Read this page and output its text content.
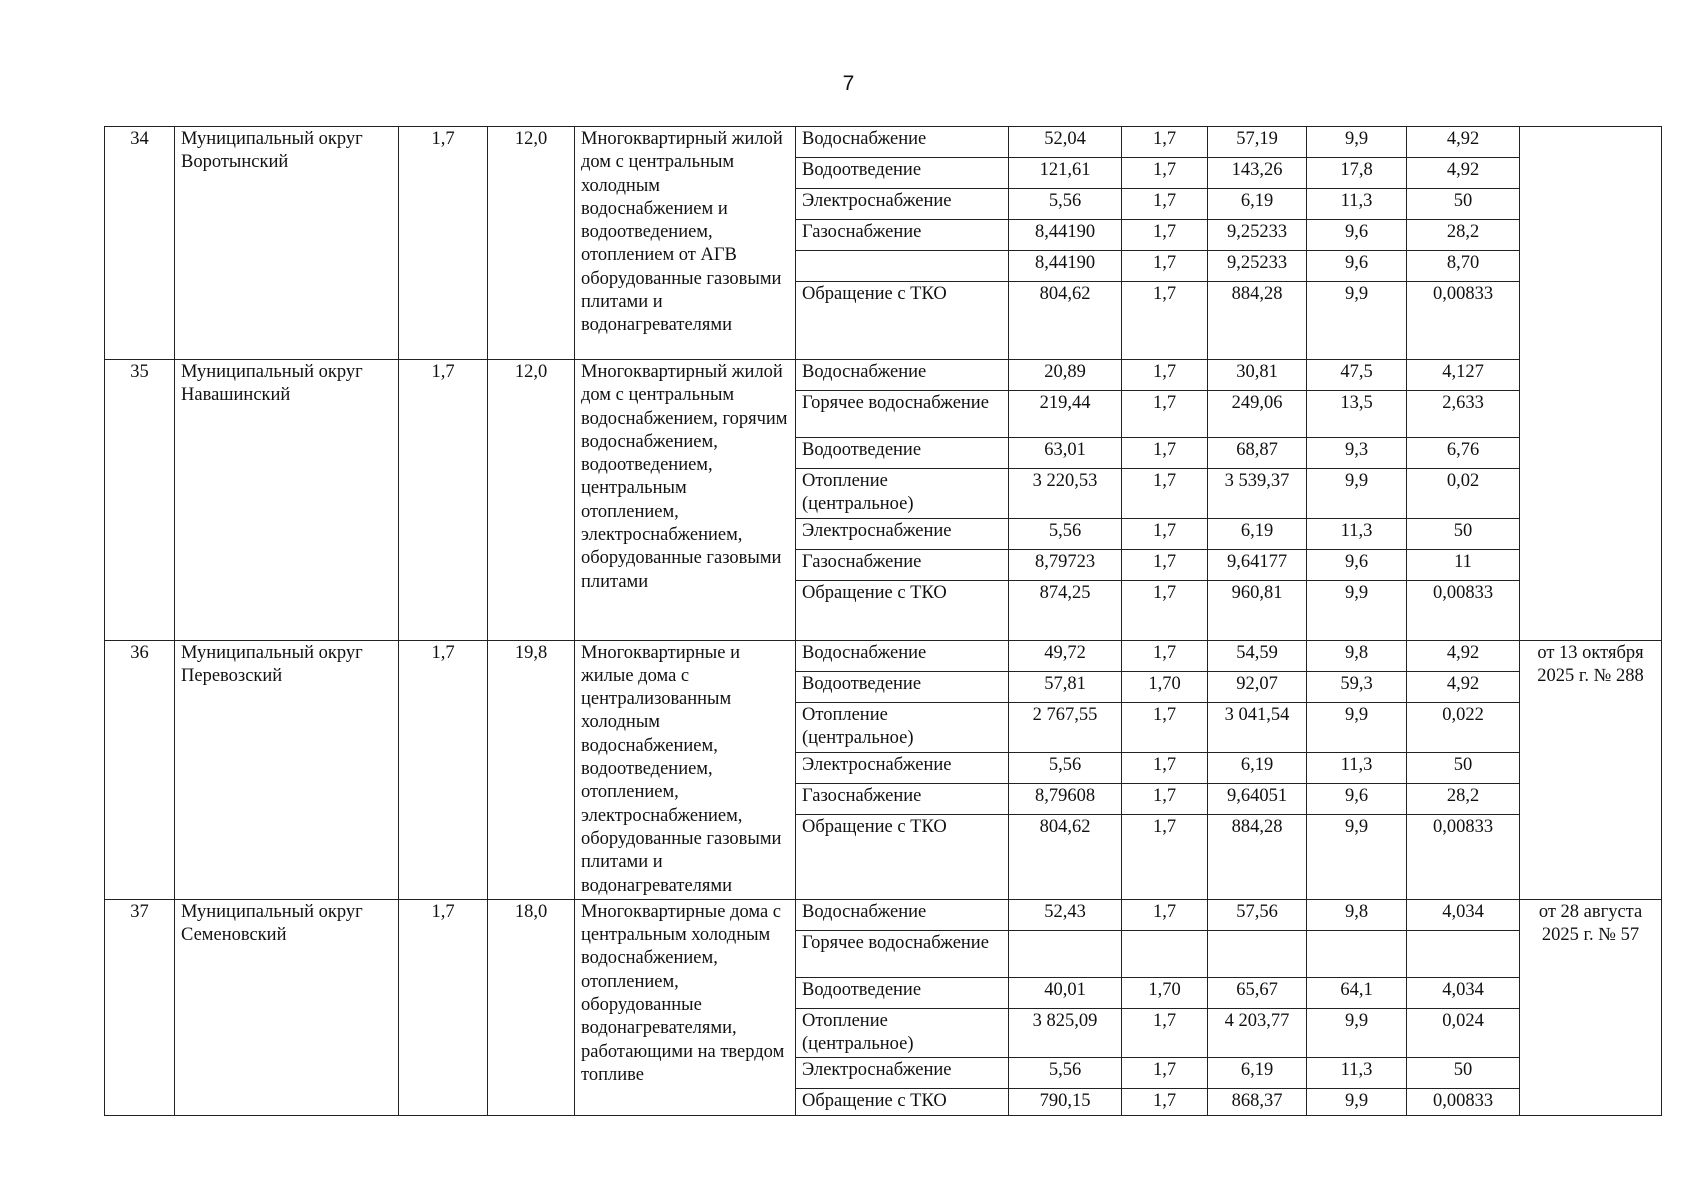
7
34	Муниципальный округ Воротынский	1,7	12,0	Многоквартирный жилой дом с центральным холодным водоснабжением и водоотведением, отоплением от АГВ оборудованные газовыми плитами и водонагревателями	Водоснабжение	52,04	1,7	57,19	9,9	4,92	
					Водоотведение	121,61	1,7	143,26	17,8	4,92	
					Электроснабжение	5,56	1,7	6,19	11,3	50	
					Газоснабжение	8,44190	1,7	9,25233	9,6	28,2	
						8,44190	1,7	9,25233	9,6	8,70	
					Обращение с ТКО	804,62	1,7	884,28	9,9	0,00833	
35	Муниципальный округ Навашинский	1,7	12,0	Многоквартирный жилой дом с центральным водоснабжением, горячим водоснабжением, водоотведением, центральным отоплением, электроснабжением, оборудованные газовыми плитами	Водоснабжение	20,89	1,7	30,81	47,5	4,127	
					Горячее водоснабжение	219,44	1,7	249,06	13,5	2,633	
					Водоотведение	63,01	1,7	68,87	9,3	6,76	
					Отопление (центральное)	3 220,53	1,7	3 539,37	9,9	0,02	
					Электроснабжение	5,56	1,7	6,19	11,3	50	
					Газоснабжение	8,79723	1,7	9,64177	9,6	11	
					Обращение с ТКО	874,25	1,7	960,81	9,9	0,00833	
36	Муниципальный округ Перевозский	1,7	19,8	Многоквартирные и жилые дома с централизованным холодным водоснабжением, водоотведением, отоплением, электроснабжением, оборудованные газовыми плитами и водонагревателями	Водоснабжение	49,72	1,7	54,59	9,8	4,92	от 13 октября 2025 г. № 288
					Водоотведение	57,81	1,70	92,07	59,3	4,92	
					Отопление (центральное)	2 767,55	1,7	3 041,54	9,9	0,022	
					Электроснабжение	5,56	1,7	6,19	11,3	50	
					Газоснабжение	8,79608	1,7	9,64051	9,6	28,2	
					Обращение с ТКО	804,62	1,7	884,28	9,9	0,00833	
37	Муниципальный округ Семеновский	1,7	18,0	Многоквартирные дома с центральным холодным водоснабжением, отоплением, оборудованные водонагревателями, работающими на твердом топливе	Водоснабжение	52,43	1,7	57,56	9,8	4,034	от 28 августа 2025 г. № 57
					Горячее водоснабжение						
					Водоотведение	40,01	1,70	65,67	64,1	4,034	
					Отопление (центральное)	3 825,09	1,7	4 203,77	9,9	0,024	
					Электроснабжение	5,56	1,7	6,19	11,3	50	
					Обращение с ТКО	790,15	1,7	868,37	9,9	0,00833	
